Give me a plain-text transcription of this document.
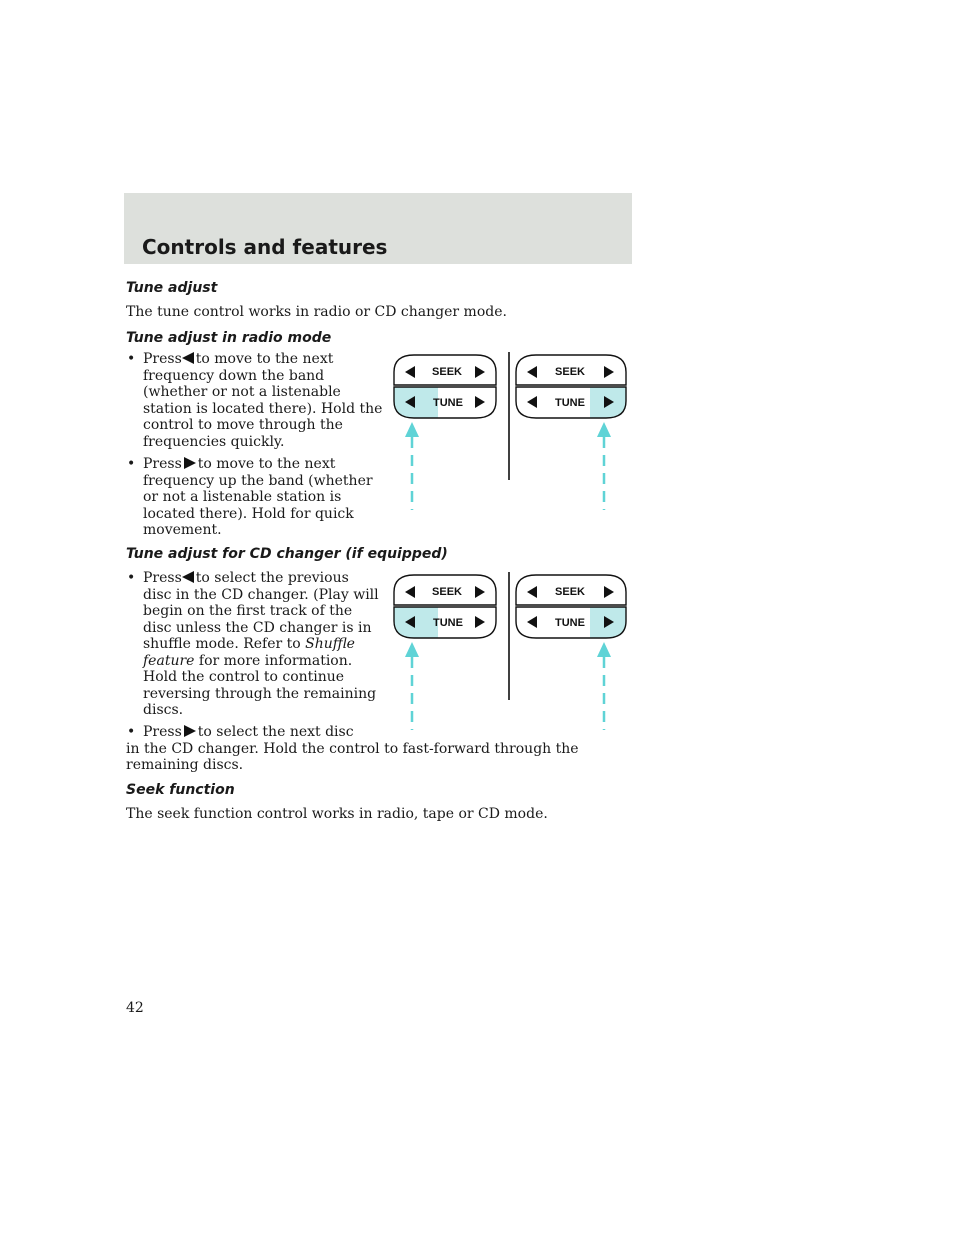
Controls and features
Tune adjust
The tune control works in radio or CD changer mode.
Tune adjust in radio mode
• Press to move to the next
frequency down the band
(whether or not a listenable
station is located there). Hold the
control to move through the
frequencies quickly.
• Press to move to the next
frequency up the band (whether
or not a listenable station is
located there). Hold for quick
movement.
Tune adjust for CD changer (if equipped)
• Press to select the previous
disc in the CD changer. (Play will
begin on the first track of the
disc unless the CD changer is in
shuffle mode. Refer to Shuffle
feature for more information.
Hold the control to continue
reversing through the remaining
discs.
• Press to select the next disc
in the CD changer. Hold the control to fast-forward through the
remaining discs.
Seek function
The seek function control works in radio, tape or CD mode.
SEEK
TUNE
SEEK
TUNE
SEEK
TUNE
SEEK
TUNE
42
